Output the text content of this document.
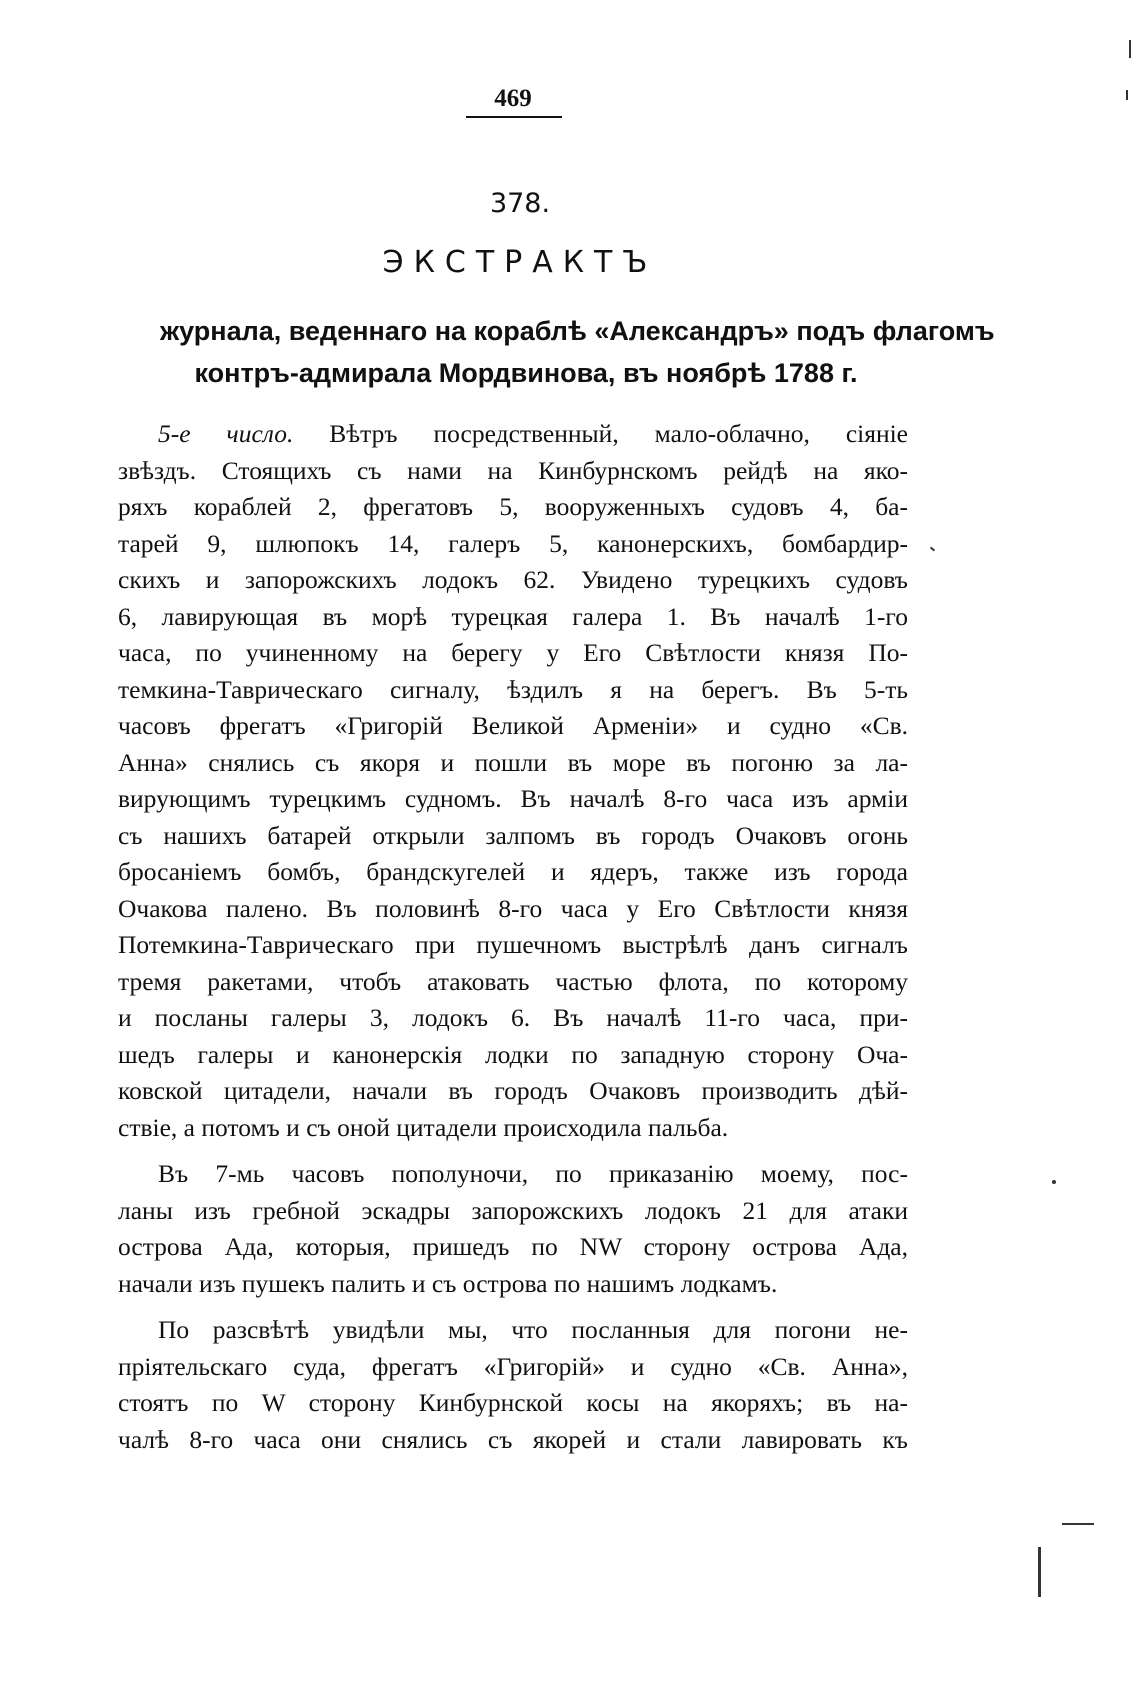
469
378.
ЭКСТРАКТЪ
журнала, веденнаго на кораблѣ «Александръ» подъ флагомъ
контръ-адмирала Мордвинова, въ ноябрѣ 1788 г.
5-е число. Вѣтръ посредственный, мало-облачно, сіяніе
звѣздъ. Стоящихъ съ нами на Кинбурнскомъ рейдѣ на яко-
ряхъ кораблей 2, фрегатовъ 5, вооруженныхъ судовъ 4, ба-
тарей 9, шлюпокъ 14, галеръ 5, канонерскихъ, бомбардир-
скихъ и запорожскихъ лодокъ 62. Увидено турецкихъ судовъ
6, лавирующая въ морѣ турецкая галера 1. Въ началѣ 1-го
часа, по учиненному на берегу у Его Свѣтлости князя По-
темкина-Таврическаго сигналу, ѣздилъ я на берегъ. Въ 5-ть
часовъ фрегатъ «Григорій Великой Арменіи» и судно «Св.
Анна» снялись съ якоря и пошли въ море въ погоню за ла-
вирующимъ турецкимъ судномъ. Въ началѣ 8-го часа изъ арміи
съ нашихъ батарей открыли залпомъ въ городъ Очаковъ огонь
бросаніемъ бомбъ, брандскугелей и ядеръ, также изъ города
Очакова палено. Въ половинѣ 8-го часа у Его Свѣтлости князя
Потемкина-Таврическаго при пушечномъ выстрѣлѣ данъ сигналъ
тремя ракетами, чтобъ атаковать частью флота, по которому
и посланы галеры 3, лодокъ 6. Въ началѣ 11-го часа, при-
шедъ галеры и канонерскія лодки по западную сторону Оча-
ковской цитадели, начали въ городъ Очаковъ производить дѣй-
ствіе, а потомъ и съ оной цитадели происходила пальба.
Въ 7-мь часовъ пополуночи, по приказанію моему, пос-
ланы изъ гребной эскадры запорожскихъ лодокъ 21 для атаки
острова Ада, которыя, пришедъ по NW сторону острова Ада,
начали изъ пушекъ палить и съ острова по нашимъ лодкамъ.
По разсвѣтѣ увидѣли мы, что посланныя для погони не-
пріятельскаго суда, фрегатъ «Григорій» и судно «Св. Анна»,
стоятъ по W сторону Кинбурнской косы на якоряхъ; въ на-
чалѣ 8-го часа они снялись съ якорей и стали лавировать къ
